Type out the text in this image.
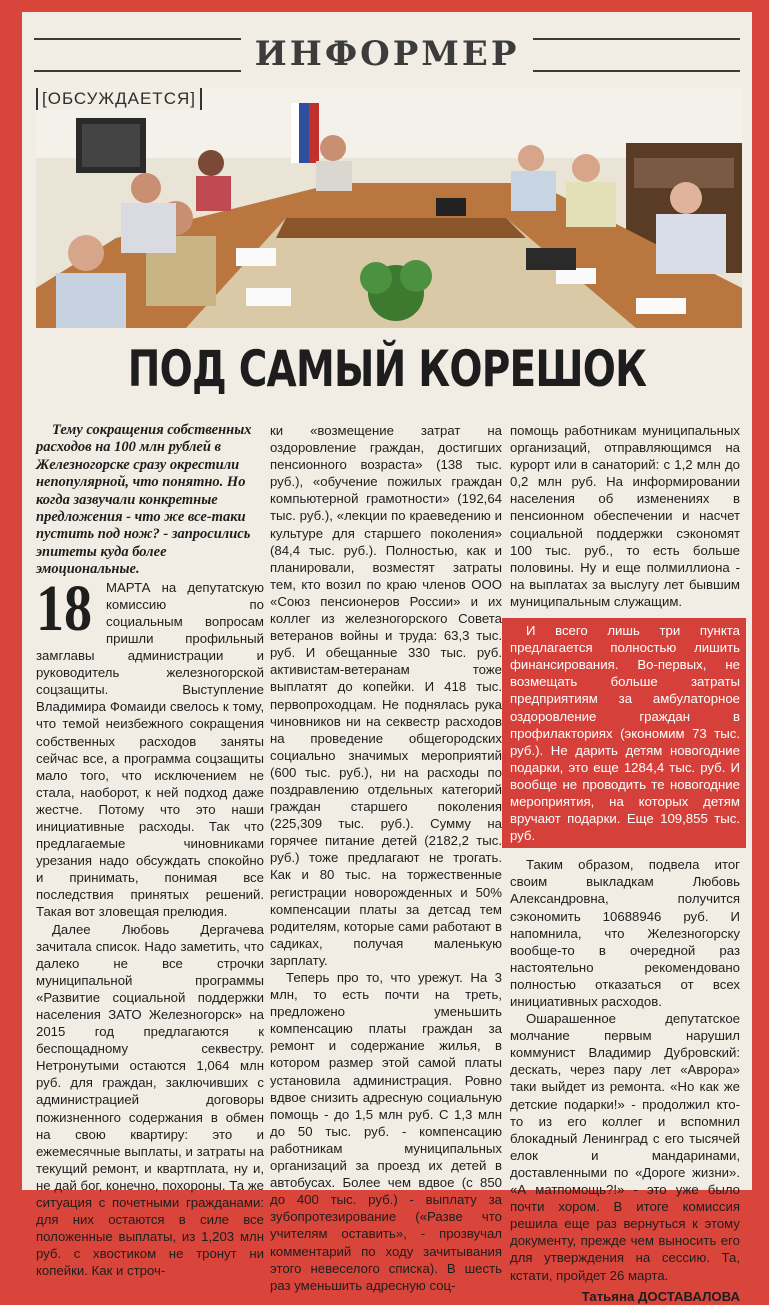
ИНФОРМЕР
[ОБСУЖДАЕТСЯ]
ПОД САМЫЙ КОРЕШОК

Тему сокращения собственных расходов на 100 млн рублей в Железногорске сразу окрестили непопулярной, что понятно. Но когда зазвучали конкретные предложения - что же все-таки пустить под нож? - запросились эпитеты куда более эмоциональные.

18 МАРТА на депутатскую комиссию по социальным вопросам пришли профильный замглавы администрации и руководитель железногорской соцзащиты. Выступление Владимира Фомаиди свелось к тому, что темой неизбежного сокращения собственных расходов заняты сейчас все, а программа соцзащиты мало того, что исключением не стала, наоборот, к ней подход даже жестче. Потому что это наши инициативные расходы. Так что предлагаемые чиновниками урезания надо обсуждать спокойно и принимать, понимая все последствия принятых решений. Такая вот зловещая прелюдия.

Далее Любовь Дергачева зачитала список. Надо заметить, что далеко не все строчки муниципальной программы «Развитие социальной поддержки населения ЗАТО Железногорск» на 2015 год предлагаются к беспощадному секвестру. Нетронутыми остаются 1,064 млн руб. для граждан, заключивших с администрацией договоры пожизненного содержания в обмен на свою квартиру: это и ежемесячные выплаты, и затраты на текущий ремонт, и квартплата, ну и, не дай бог, конечно, похороны. Та же ситуация с почетными гражданами: для них остаются в силе все положенные выплаты, из 1,203 млн руб. с хвостиком не тронут ни копейки. Как и строч-

ки «возмещение затрат на оздоровление граждан, достигших пенсионного возраста» (138 тыс. руб.), «обучение пожилых граждан компьютерной грамотности» (192,64 тыс. руб.), «лекции по краеведению и культуре для старшего поколения» (84,4 тыс. руб.). Полностью, как и планировали, возместят затраты тем, кто возил по краю членов ООО «Союз пенсионеров России» и их коллег из железногорского Совета ветеранов войны и труда: 63,3 тыс. руб. И обещанные 330 тыс. руб. активистам-ветеранам тоже выплатят до копейки. И 418 тыс. первопроходцам. Не поднялась рука чиновников ни на секвестр расходов на проведение общегородских социально значимых мероприятий (600 тыс. руб.), ни на расходы по поздравлению отдельных категорий граждан старшего поколения (225,309 тыс. руб.). Сумму на горячее питание детей (2182,2 тыс. руб.) тоже предлагают не трогать. Как и 80 тыс. на торжественные регистрации новорожденных и 50% компенсации платы за детсад тем родителям, которые сами работают в садиках, получая маленькую зарплату.

Теперь про то, что урежут. На 3 млн, то есть почти на треть, предложено уменьшить компенсацию платы граждан за ремонт и содержание жилья, в котором размер этой самой платы установила администрация. Ровно вдвое снизить адресную социальную помощь - до 1,5 млн руб. С 1,3 млн до 50 тыс. руб. - компенсацию работникам муниципальных организаций за проезд их детей в автобусах. Более чем вдвое (с 850 до 400 тыс. руб.) - выплату за зубопротезирование («Разве что учителям оставить», - прозвучал комментарий по ходу зачитывания этого невеселого списка). В шесть раз уменьшить адресную соц-

помощь работникам муниципальных организаций, отправляющимся на курорт или в санаторий: с 1,2 млн до 0,2 млн руб. На информировании населения об изменениях в пенсионном обеспечении и насчет социальной поддержки сэкономят 100 тыс. руб., то есть больше половины. Ну и еще полмиллиона - на выплатах за выслугу лет бывшим муниципальным служащим.

И всего лишь три пункта предлагается полностью лишить финансирования. Во-первых, не возмещать больше затраты предприятиям за амбулаторное оздоровление граждан в профилакториях (экономим 73 тыс. руб.). Не дарить детям новогодние подарки, это еще 1284,4 тыс. руб. И вообще не проводить те новогодние мероприятия, на которых детям вручают подарки. Еще 109,855 тыс. руб.

Таким образом, подвела итог своим выкладкам Любовь Александровна, получится сэкономить 10688946 руб. И напомнила, что Железногорску вообще-то в очередной раз настоятельно рекомендовано полностью отказаться от всех инициативных расходов.

Ошарашенное депутатское молчание первым нарушил коммунист Владимир Дубровский: дескать, через пару лет «Аврора» таки выйдет из ремонта. «Но как же детские подарки!» - продолжил кто-то из его коллег и вспомнил блокадный Ленинград с его тысячей елок и мандаринами, доставленными по «Дороге жизни». «А матпомощь?!» - это уже было почти хором. В итоге комиссия решила еще раз вернуться к этому документу, прежде чем выносить его для утверждения на сессию. Та, кстати, пройдет 26 марта.

Татьяна ДОСТАВАЛОВА
